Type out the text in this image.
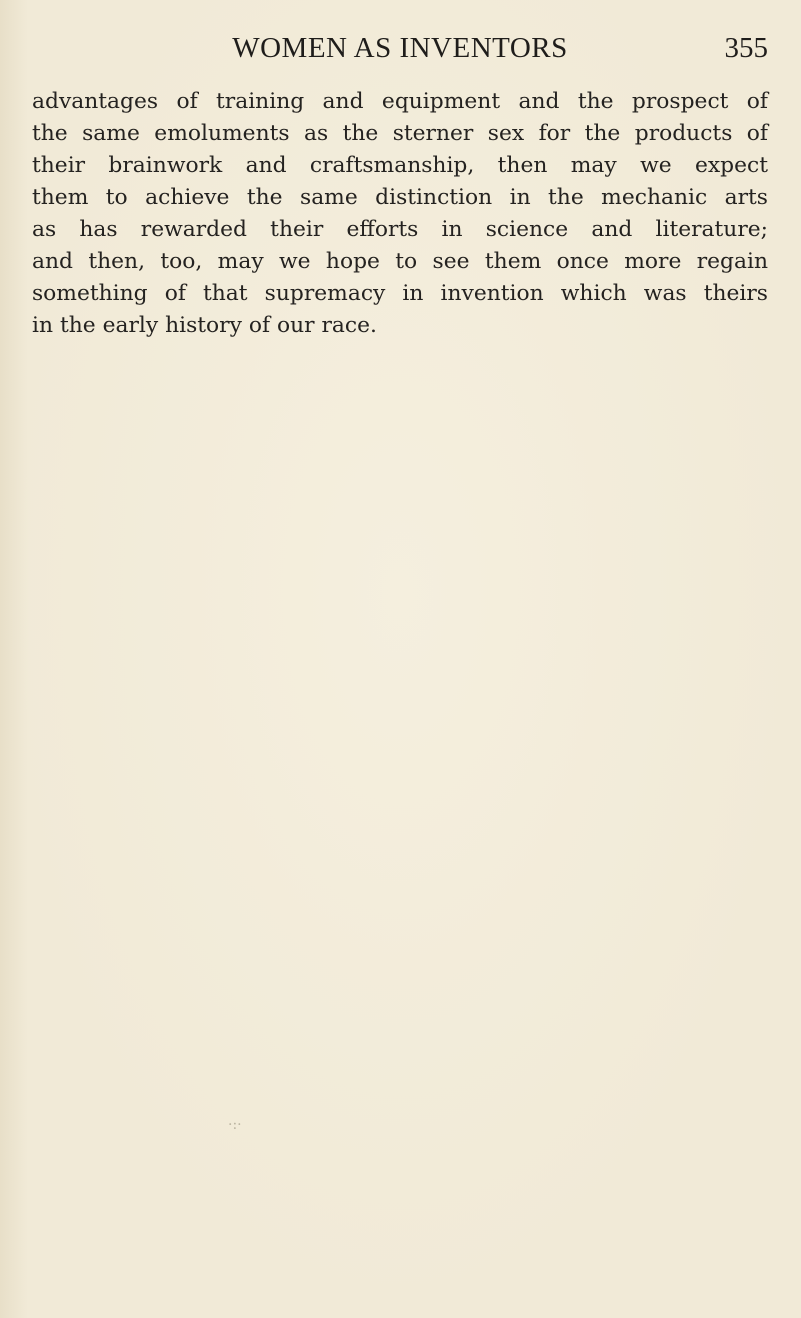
WOMEN AS INVENTORS	355
advantages of training and equipment and the prospect of
the same emoluments as the sterner sex for the products of
their brainwork and craftsmanship, then may we expect
them to achieve the same distinction in the mechanic arts
as has rewarded their efforts in science and literature;
and then, too, may we hope to see them once more regain
something of that supremacy in invention which was theirs
in the early history of our race.
·:·
